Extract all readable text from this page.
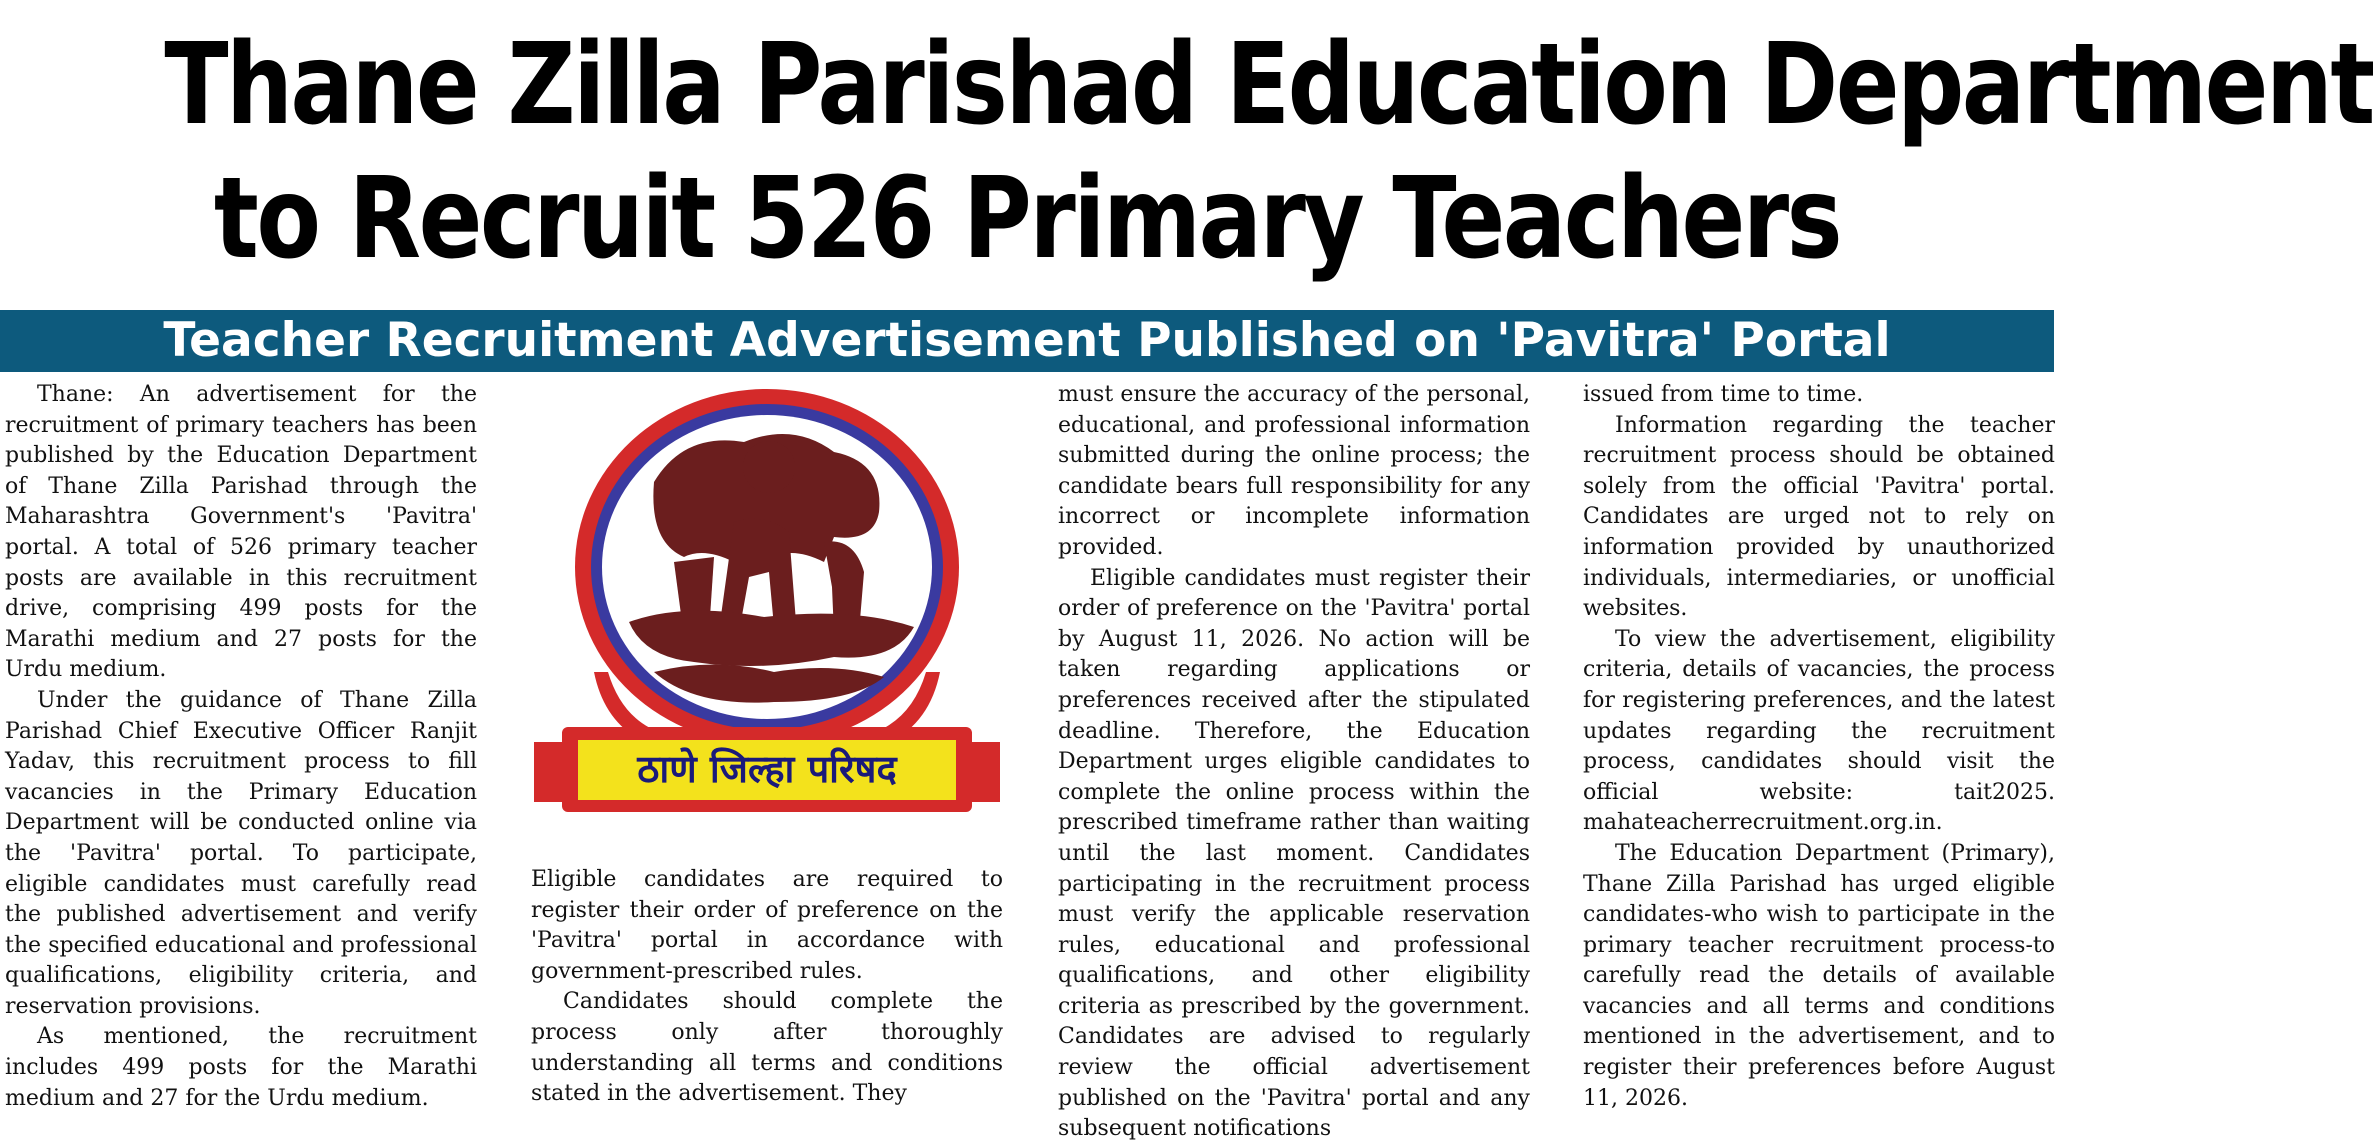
Thane Zilla Parishad Education Department
to Recruit 526 Primary Teachers
Teacher Recruitment Advertisement Published on 'Pavitra' Portal

Thane: An advertisement for the recruitment of primary teachers has been published by the Education Department of Thane Zilla Parishad through the Maharashtra Government's 'Pavitra' portal. A total of 526 primary teacher posts are available in this recruitment drive, comprising 499 posts for the Marathi medium and 27 posts for the Urdu medium.

Under the guidance of Thane Zilla Parishad Chief Executive Officer Ranjit Yadav, this recruitment process to fill vacancies in the Primary Education Department will be conducted online via the 'Pavitra' portal. To participate, eligible candidates must carefully read the published advertisement and verify the specified educational and professional qualifications, eligibility criteria, and reservation provisions.

As mentioned, the recruitment includes 499 posts for the Marathi medium and 27 for the Urdu medium.

ठाणे जिल्हा परिषद

Eligible candidates are required to register their order of preference on the 'Pavitra' portal in accordance with government-prescribed rules.

Candidates should complete the process only after thoroughly understanding all terms and conditions stated in the advertisement. They

must ensure the accuracy of the personal, educational, and professional information submitted during the online process; the candidate bears full responsibility for any incorrect or incomplete information provided.

Eligible candidates must register their order of preference on the 'Pavitra' portal by August 11, 2026. No action will be taken regarding applications or preferences received after the stipulated deadline. Therefore, the Education Department urges eligible candidates to complete the online process within the prescribed timeframe rather than waiting until the last moment. Candidates participating in the recruitment process must verify the applicable reservation rules, educational and professional qualifications, and other eligibility criteria as prescribed by the government. Candidates are advised to regularly review the official advertisement published on the 'Pavitra' portal and any subsequent notifications

issued from time to time.

Information regarding the teacher recruitment process should be obtained solely from the official 'Pavitra' portal. Candidates are urged not to rely on information provided by unauthorized individuals, intermediaries, or unofficial websites.

To view the advertisement, eligibility criteria, details of vacancies, the process for registering preferences, and the latest updates regarding the recruitment process, candidates should visit the official website: tait2025. mahateacherrecruitment.org.in.

The Education Department (Primary), Thane Zilla Parishad has urged eligible candidates-who wish to participate in the primary teacher recruitment process-to carefully read the details of available vacancies and all terms and conditions mentioned in the advertisement, and to register their preferences before August 11, 2026.
